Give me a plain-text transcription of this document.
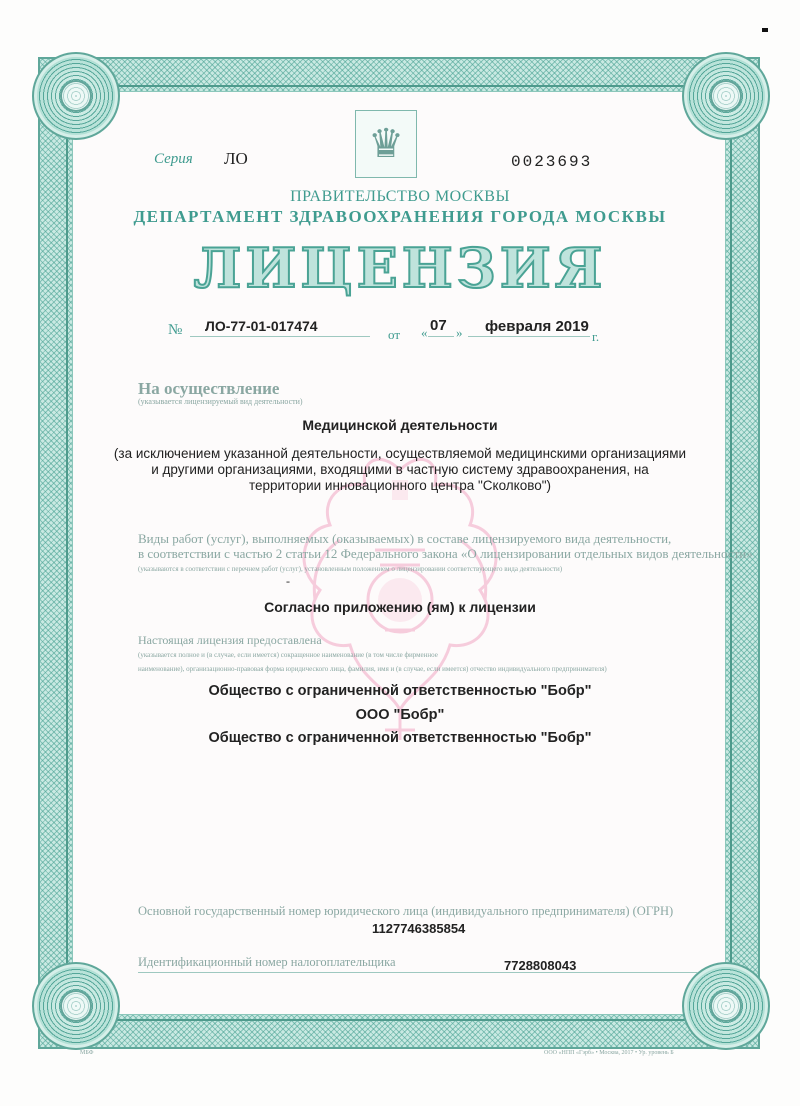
♛
Серия ЛО	0023693
ПРАВИТЕЛЬСТВО МОСКВЫ
ДЕПАРТАМЕНТ ЗДРАВООХРАНЕНИЯ ГОРОДА МОСКВЫ
ЛИЦЕНЗИЯ
№ ЛО-77-01-017474
от « 07 » февраля 2019
г.
На осуществление
(указывается лицензируемый вид деятельности)
Медицинской деятельности
(за исключением указанной деятельности, осуществляемой медицинскими организациями
и другими организациями, входящими в частную систему здравоохранения, на
территории инновационного центра "Сколково")
Виды работ (услуг), выполняемых (оказываемых) в составе лицензируемого вида деятельности,
в соответствии с частью 2 статьи 12 Федерального закона «О лицензировании отдельных видов деятельности»
(указываются в соответствии с перечнем работ (услуг), установленным положением о лицензировании соответствующего вида деятельности)
-
Согласно приложению (ям) к лицензии
Настоящая лицензия предоставлена
(указывается полное и (в случае, если имеется) сокращенное наименование (в том числе фирменное
наименование), организационно-правовая форма юридического лица, фамилия, имя и (в случае, если имеется) отчество индивидуального предпринимателя)
Общество с ограниченной ответственностью "Бобр"
ООО "Бобр"
Общество с ограниченной ответственностью "Бобр"
Основной государственный номер юридического лица (индивидуального предпринимателя) (ОГРН)
1127746385854
Идентификационный номер налогоплательщика	7728808043
МБФ	ООО «НПП «Гэрб» • Москва, 2017 • Ур. уровень Б
